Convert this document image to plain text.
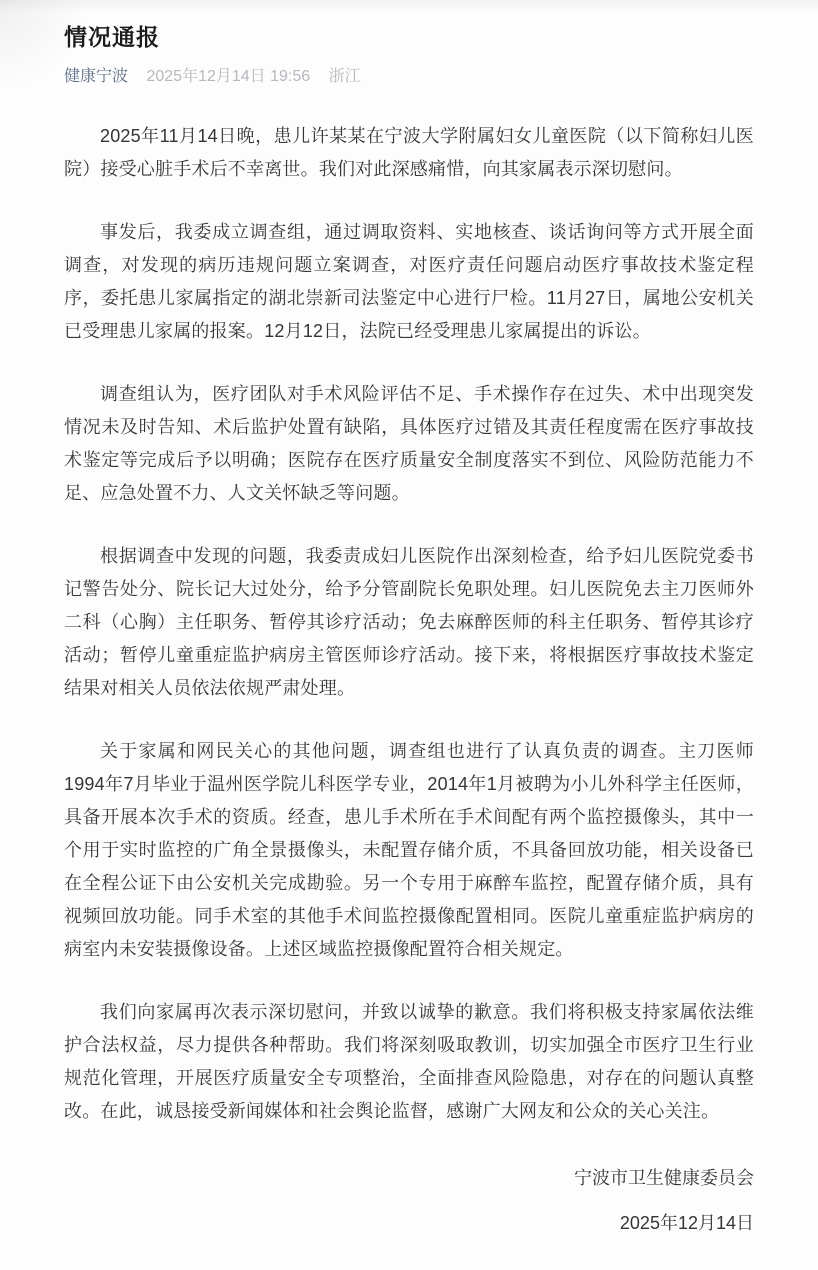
情况通报
健康宁波 2025年12月14日 19:56 浙江

2025年11月14日晚，患儿许某某在宁波大学附属妇女儿童医院（以下简称妇儿医院）接受心脏手术后不幸离世。我们对此深感痛惜，向其家属表示深切慰问。

事发后，我委成立调查组，通过调取资料、实地核查、谈话询问等方式开展全面调查，对发现的病历违规问题立案调查，对医疗责任问题启动医疗事故技术鉴定程序，委托患儿家属指定的湖北崇新司法鉴定中心进行尸检。11月27日，属地公安机关已受理患儿家属的报案。12月12日，法院已经受理患儿家属提出的诉讼。

调查组认为，医疗团队对手术风险评估不足、手术操作存在过失、术中出现突发情况未及时告知、术后监护处置有缺陷，具体医疗过错及其责任程度需在医疗事故技术鉴定等完成后予以明确；医院存在医疗质量安全制度落实不到位、风险防范能力不足、应急处置不力、人文关怀缺乏等问题。

根据调查中发现的问题，我委责成妇儿医院作出深刻检查，给予妇儿医院党委书记警告处分、院长记大过处分，给予分管副院长免职处理。妇儿医院免去主刀医师外二科（心胸）主任职务、暂停其诊疗活动；免去麻醉医师的科主任职务、暂停其诊疗活动；暂停儿童重症监护病房主管医师诊疗活动。接下来，将根据医疗事故技术鉴定结果对相关人员依法依规严肃处理。

关于家属和网民关心的其他问题，调查组也进行了认真负责的调查。主刀医师1994年7月毕业于温州医学院儿科医学专业，2014年1月被聘为小儿外科学主任医师，具备开展本次手术的资质。经查，患儿手术所在手术间配有两个监控摄像头，其中一个用于实时监控的广角全景摄像头，未配置存储介质，不具备回放功能，相关设备已在全程公证下由公安机关完成勘验。另一个专用于麻醉车监控，配置存储介质，具有视频回放功能。同手术室的其他手术间监控摄像配置相同。医院儿童重症监护病房的病室内未安装摄像设备。上述区域监控摄像配置符合相关规定。

我们向家属再次表示深切慰问，并致以诚挚的歉意。我们将积极支持家属依法维护合法权益，尽力提供各种帮助。我们将深刻吸取教训，切实加强全市医疗卫生行业规范化管理，开展医疗质量安全专项整治，全面排查风险隐患，对存在的问题认真整改。在此，诚恳接受新闻媒体和社会舆论监督，感谢广大网友和公众的关心关注。

宁波市卫生健康委员会
2025年12月14日
